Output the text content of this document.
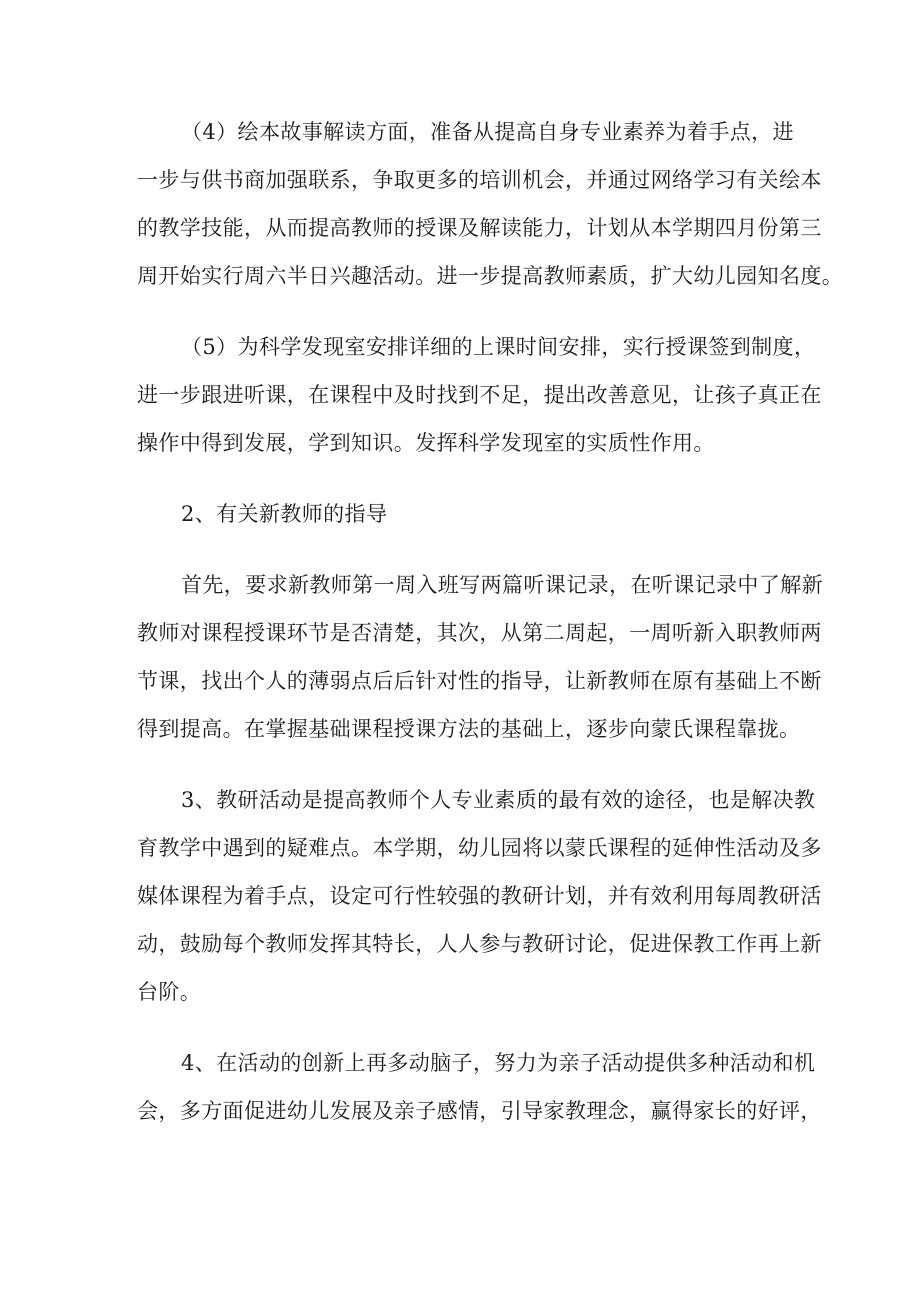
（4）绘本故事解读方面，准备从提高自身专业素养为着手点，进

一步与供书商加强联系，争取更多的培训机会，并通过网络学习有关绘本

的教学技能，从而提高教师的授课及解读能力，计划从本学期四月份第三

周开始实行周六半日兴趣活动。进一步提高教师素质，扩大幼儿园知名度。

（5）为科学发现室安排详细的上课时间安排，实行授课签到制度，

进一步跟进听课，在课程中及时找到不足，提出改善意见，让孩子真正在

操作中得到发展，学到知识。发挥科学发现室的实质性作用。

2、有关新教师的指导

首先，要求新教师第一周入班写两篇听课记录，在听课记录中了解新

教师对课程授课环节是否清楚，其次，从第二周起，一周听新入职教师两

节课，找出个人的薄弱点后后针对性的指导，让新教师在原有基础上不断

得到提高。在掌握基础课程授课方法的基础上，逐步向蒙氏课程靠拢。

3、教研活动是提高教师个人专业素质的最有效的途径，也是解决教

育教学中遇到的疑难点。本学期，幼儿园将以蒙氏课程的延伸性活动及多

媒体课程为着手点，设定可行性较强的教研计划，并有效利用每周教研活

动，鼓励每个教师发挥其特长，人人参与教研讨论，促进保教工作再上新

台阶。

4、在活动的创新上再多动脑子，努力为亲子活动提供多种活动和机

会，多方面促进幼儿发展及亲子感情，引导家教理念，赢得家长的好评，
